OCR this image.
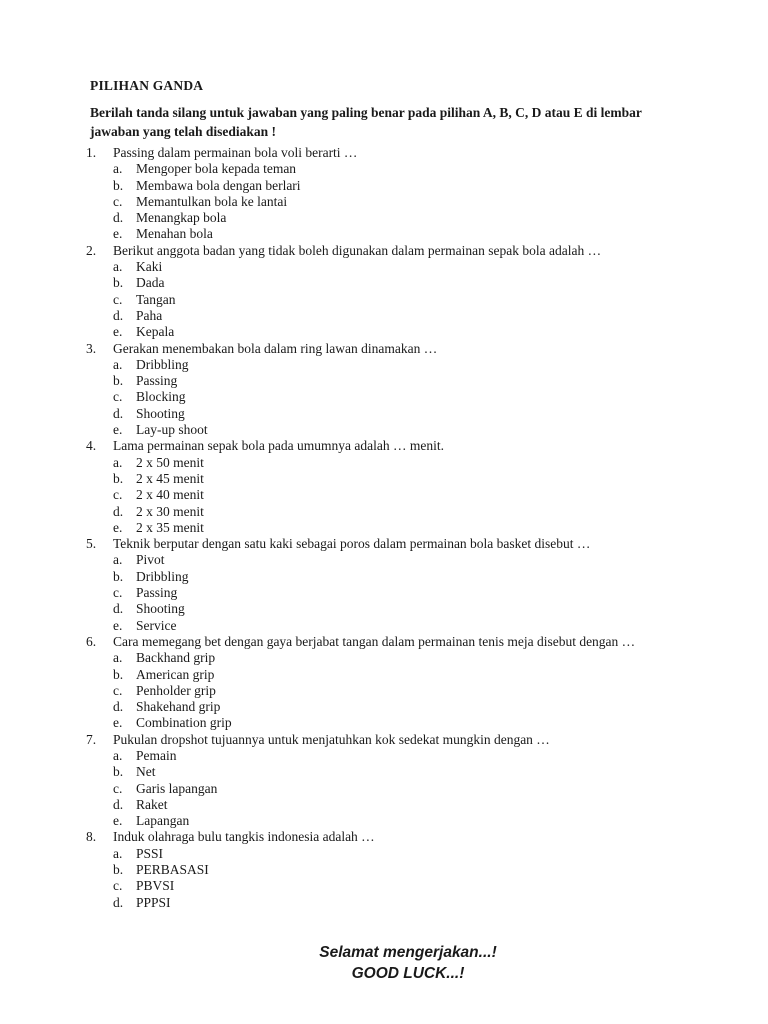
PILIHAN GANDA
Berilah tanda silang untuk jawaban yang paling benar pada pilihan A, B, C, D atau E di lembar jawaban yang telah disediakan !
1.	Passing dalam permainan bola voli berarti …
a.	Mengoper bola kepada teman
b. Membawa bola dengan berlari
c.	Memantulkan bola ke lantai
d. Menangkap bola
e.	Menahan bola
2.	Berikut anggota badan yang tidak boleh digunakan dalam permainan sepak bola adalah …
a.	Kaki
b. Dada
c.	Tangan
d. Paha
e.	Kepala
3.	Gerakan menembakan bola dalam ring lawan dinamakan …
a.	Dribbling
b. Passing
c.	Blocking
d. Shooting
e.	Lay-up shoot
4.	Lama permainan sepak bola pada umumnya adalah … menit.
a.	2 x 50 menit
b. 2 x 45 menit
c.	2 x 40 menit
d. 2 x 30 menit
e.	2 x 35 menit
5.	Teknik berputar dengan satu kaki sebagai poros dalam permainan bola basket disebut …
a.	Pivot
b. Dribbling
c.	Passing
d. Shooting
e.	Service
6.	Cara memegang bet dengan gaya berjabat tangan dalam permainan tenis meja disebut dengan …
a.	Backhand grip
b. American grip
c.	Penholder grip
d. Shakehand grip
e.	Combination grip
7.	Pukulan dropshot tujuannya untuk menjatuhkan kok sedekat mungkin dengan …
a.	Pemain
b. Net
c.	Garis lapangan
d. Raket
e.	Lapangan
8.	Induk olahraga bulu tangkis indonesia adalah …
a.	PSSI
b. PERBASASI
c.	PBVSI
d. PPPSI
Selamat mengerjakan...!
GOOD LUCK...!
